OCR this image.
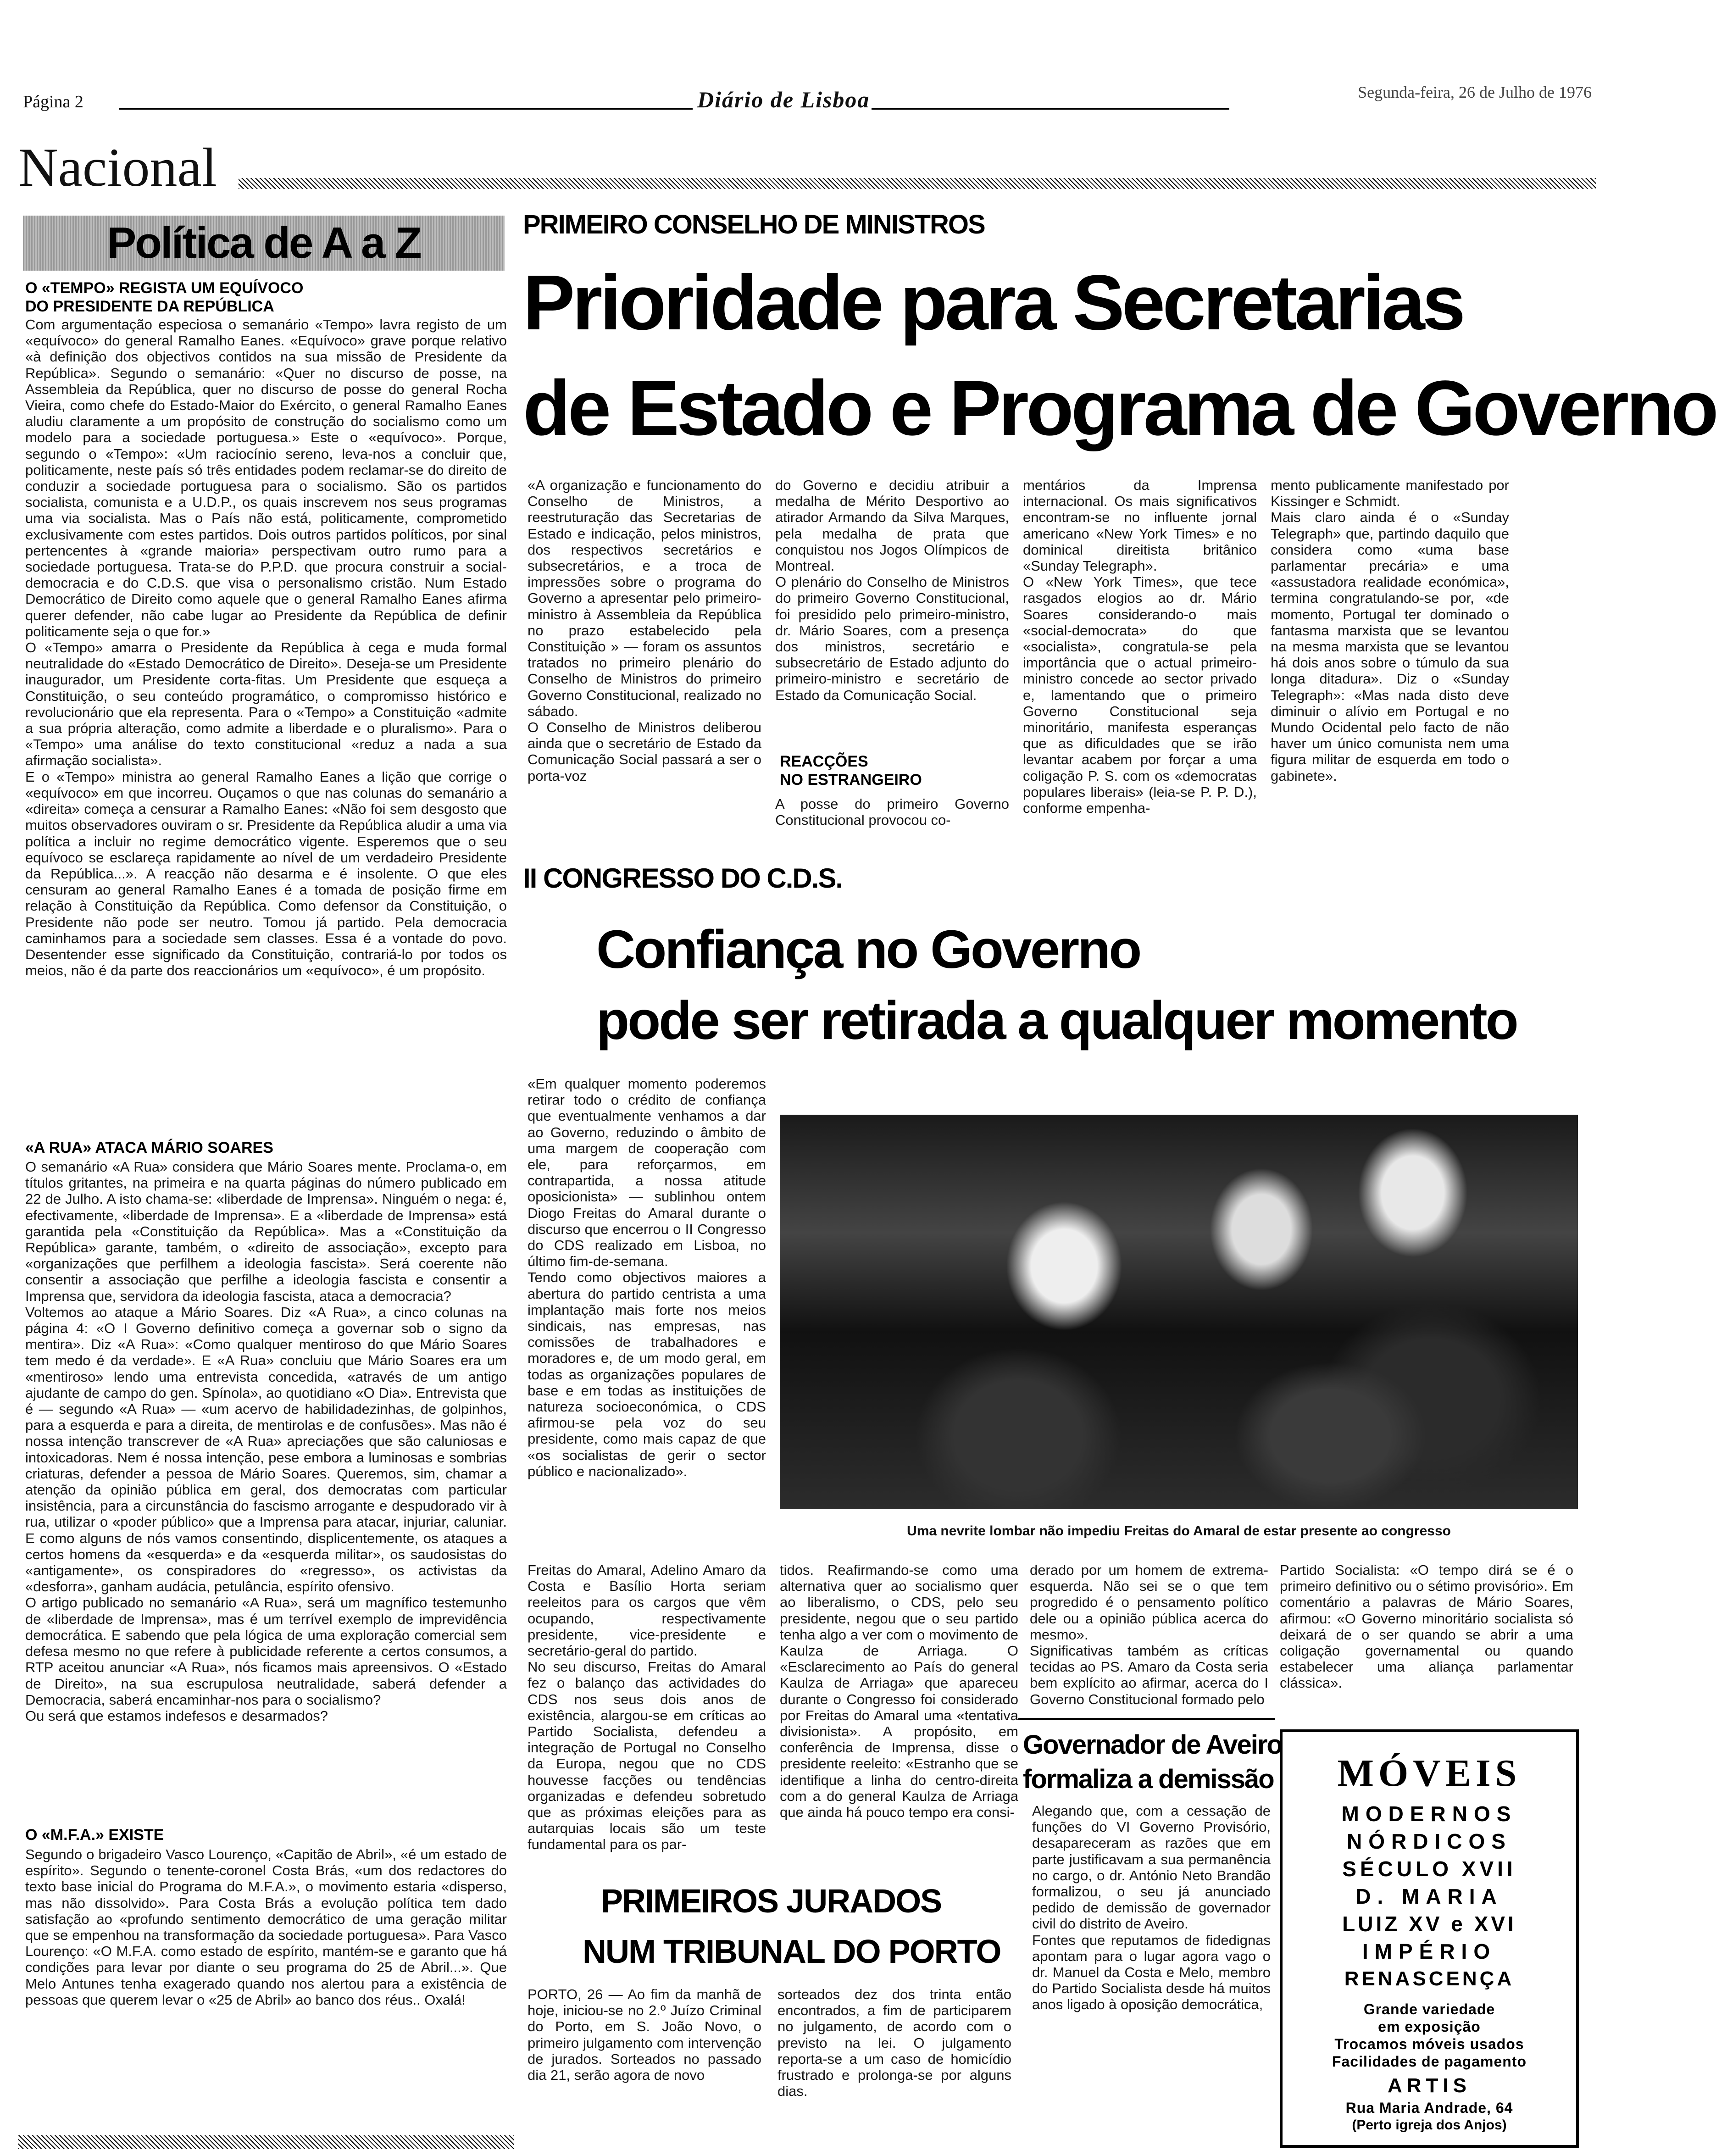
Página 2	Diário de Lisboa	Segunda-feira, 26 de Julho de 1976
Nacional
Política de A a Z
O «TEMPO» REGISTA UM EQUÍVOCO
DO PRESIDENTE DA REPÚBLICA
Com argumentação especiosa o semanário «Tempo» lavra registo de um «equívoco» do general Ramalho Eanes. «Equívoco» grave porque relativo «à definição dos objectivos contidos na sua missão de Presidente da República». Segundo o semanário: «Quer no discurso de posse, na Assembleia da República, quer no discurso de posse do general Rocha Vieira, como chefe do Estado-Maior do Exército, o general Ramalho Eanes aludiu claramente a um propósito de construção do socialismo como um modelo para a sociedade portuguesa.» Este o «equívoco». Porque, segundo o «Tempo»: «Um raciocínio sereno, leva-nos a concluir que, politicamente, neste país só três entidades podem reclamar-se do direito de conduzir a sociedade portuguesa para o socialismo. São os partidos socialista, comunista e a U.D.P., os quais inscrevem nos seus programas uma via socialista. Mas o País não está, politicamente, comprometido exclusivamente com estes partidos. Dois outros partidos políticos, por sinal pertencentes à «grande maioria» perspectivam outro rumo para a sociedade portuguesa. Trata-se do P.P.D. que procura construir a social-democracia e do C.D.S. que visa o personalismo cristão. Num Estado Democrático de Direito como aquele que o general Ramalho Eanes afirma querer defender, não cabe lugar ao Presidente da República de definir politicamente seja o que for.»
O «Tempo» amarra o Presidente da República à cega e muda formal neutralidade do «Estado Democrático de Direito». Deseja-se um Presidente inaugurador, um Presidente corta-fitas. Um Presidente que esqueça a Constituição, o seu conteúdo programático, o compromisso histórico e revolucionário que ela representa. Para o «Tempo» a Constituição «admite a sua própria alteração, como admite a liberdade e o pluralismo». Para o «Tempo» uma análise do texto constitucional «reduz a nada a sua afirmação socialista».
E o «Tempo» ministra ao general Ramalho Eanes a lição que corrige o «equívoco» em que incorreu. Ouçamos o que nas colunas do semanário a «direita» começa a censurar a Ramalho Eanes: «Não foi sem desgosto que muitos observadores ouviram o sr. Presidente da República aludir a uma via política a incluir no regime democrático vigente. Esperemos que o seu equívoco se esclareça rapidamente ao nível de um verdadeiro Presidente da República...». A reacção não desarma e é insolente. O que eles censuram ao general Ramalho Eanes é a tomada de posição firme em relação à Constituição da República. Como defensor da Constituição, o Presidente não pode ser neutro. Tomou já partido. Pela democracia caminhamos para a sociedade sem classes. Essa é a vontade do povo. Desentender esse significado da Constituição, contrariá-lo por todos os meios, não é da parte dos reaccionários um «equívoco», é um propósito.
«A RUA» ATACA MÁRIO SOARES
O semanário «A Rua» considera que Mário Soares mente. Proclama-o, em títulos gritantes, na primeira e na quarta páginas do número publicado em 22 de Julho. A isto chama-se: «liberdade de Imprensa». Ninguém o nega: é, efectivamente, «liberdade de Imprensa». E a «liberdade de Imprensa» está garantida pela «Constituição da República». Mas a «Constituição da República» garante, também, o «direito de associação», excepto para «organizações que perfilhem a ideologia fascista». Será coerente não consentir a associação que perfilhe a ideologia fascista e consentir a Imprensa que, servidora da ideologia fascista, ataca a democracia?
Voltemos ao ataque a Mário Soares. Diz «A Rua», a cinco colunas na página 4: «O I Governo definitivo começa a governar sob o signo da mentira». Diz «A Rua»: «Como qualquer mentiroso do que Mário Soares tem medo é da verdade». E «A Rua» concluiu que Mário Soares era um «mentiroso» lendo uma entrevista concedida, «através de um antigo ajudante de campo do gen. Spínola», ao quotidiano «O Dia». Entrevista que é — segundo «A Rua» — «um acervo de habilidadezinhas, de golpinhos, para a esquerda e para a direita, de mentirolas e de confusões». Mas não é nossa intenção transcrever de «A Rua» apreciações que são caluniosas e intoxicadoras. Nem é nossa intenção, pese embora a luminosas e sombrias criaturas, defender a pessoa de Mário Soares. Queremos, sim, chamar a atenção da opinião pública em geral, dos democratas com particular insistência, para a circunstância do fascismo arrogante e despudorado vir à rua, utilizar o «poder público» que a Imprensa para atacar, injuriar, caluniar. E como alguns de nós vamos consentindo, displicentemente, os ataques a certos homens da «esquerda» e da «esquerda militar», os saudosistas do «antigamente», os conspiradores do «regresso», os activistas da «desforra», ganham audácia, petulância, espírito ofensivo.
O artigo publicado no semanário «A Rua», será um magnífico testemunho de «liberdade de Imprensa», mas é um terrível exemplo de imprevidência democrática. E sabendo que pela lógica de uma exploração comercial sem defesa mesmo no que refere à publicidade referente a certos consumos, a RTP aceitou anunciar «A Rua», nós ficamos mais apreensivos. O «Estado de Direito», na sua escrupulosa neutralidade, saberá defender a Democracia, saberá encaminhar-nos para o socialismo?
Ou será que estamos indefesos e desarmados?
O «M.F.A.» EXISTE
Segundo o brigadeiro Vasco Lourenço, «Capitão de Abril», «é um estado de espírito». Segundo o tenente-coronel Costa Brás, «um dos redactores do texto base inicial do Programa do M.F.A.», o movimento estaria «disperso, mas não dissolvido». Para Costa Brás a evolução política tem dado satisfação ao «profundo sentimento democrático de uma geração militar que se empenhou na transformação da sociedade portuguesa». Para Vasco Lourenço: «O M.F.A. como estado de espírito, mantém-se e garanto que há condições para levar por diante o seu programa do 25 de Abril...». Que Melo Antunes tenha exagerado quando nos alertou para a existência de pessoas que querem levar o «25 de Abril» ao banco dos réus.. Oxalá!
PRIMEIRO CONSELHO DE MINISTROS
Prioridade para Secretarias
de Estado e Programa de Governo
«A organização e funcionamento do Conselho de Ministros, a reestruturação das Secretarias de Estado e indicação, pelos ministros, dos respectivos secretários e subsecretários, e a troca de impressões sobre o programa do Governo a apresentar pelo primeiro-ministro à Assembleia da República no prazo estabelecido pela Constituição » — foram os assuntos tratados no primeiro plenário do Conselho de Ministros do primeiro Governo Constitucional, realizado no sábado.
O Conselho de Ministros deliberou ainda que o secretário de Estado da Comunicação Social passará a ser o porta-voz
do Governo e decidiu atribuir a medalha de Mérito Desportivo ao atirador Armando da Silva Marques, pela medalha de prata que conquistou nos Jogos Olímpicos de Montreal.
O plenário do Conselho de Ministros do primeiro Governo Constitucional, foi presidido pelo primeiro-ministro, dr. Mário Soares, com a presença dos ministros, secretário e subsecretário de Estado adjunto do primeiro-ministro e secretário de Estado da Comunicação Social.
REACÇÕES
NO ESTRANGEIRO
A posse do primeiro Governo Constitucional provocou co-
mentários da Imprensa internacional. Os mais significativos encontram-se no influente jornal americano «New York Times» e no dominical direitista britânico «Sunday Telegraph».
O «New York Times», que tece rasgados elogios ao dr. Mário Soares considerando-o mais «social-democrata» do que «socialista», congratula-se pela importância que o actual primeiro-ministro concede ao sector privado e, lamentando que o primeiro Governo Constitucional seja minoritário, manifesta esperanças que as dificuldades que se irão levantar acabem por forçar a uma coligação P. S. com os «democratas populares liberais» (leia-se P. P. D.), conforme empenha-
mento publicamente manifestado por Kissinger e Schmidt.
Mais claro ainda é o «Sunday Telegraph» que, partindo daquilo que considera como «uma base parlamentar precária» e uma «assustadora realidade económica», termina congratulando-se por, «de momento, Portugal ter dominado o fantasma marxista que se levantou na mesma marxista que se levantou há dois anos sobre o túmulo da sua longa ditadura». Diz o «Sunday Telegraph»: «Mas nada disto deve diminuir o alívio em Portugal e no Mundo Ocidental pelo facto de não haver um único comunista nem uma figura militar de esquerda em todo o gabinete».
II CONGRESSO DO C.D.S.
Confiança no Governo
pode ser retirada a qualquer momento
«Em qualquer momento poderemos retirar todo o crédito de confiança que eventualmente venhamos a dar ao Governo, reduzindo o âmbito de uma margem de cooperação com ele, para reforçarmos, em contrapartida, a nossa atitude oposicionista» — sublinhou ontem Diogo Freitas do Amaral durante o discurso que encerrou o II Congresso do CDS realizado em Lisboa, no último fim-de-semana.
Tendo como objectivos maiores a abertura do partido centrista a uma implantação mais forte nos meios sindicais, nas empresas, nas comissões de trabalhadores e moradores e, de um modo geral, em todas as organizações populares de base e em todas as instituições de natureza socioeconómica, o CDS afirmou-se pela voz do seu presidente, como mais capaz de que «os socialistas de gerir o sector público e nacionalizado».
Uma nevrite lombar não impediu Freitas do Amaral de estar presente ao congresso
Freitas do Amaral, Adelino Amaro da Costa e Basílio Horta seriam reeleitos para os cargos que vêm ocupando, respectivamente presidente, vice-presidente e secretário-geral do partido.
No seu discurso, Freitas do Amaral fez o balanço das actividades do CDS nos seus dois anos de existência, alargou-se em críticas ao Partido Socialista, defendeu a integração de Portugal no Conselho da Europa, negou que no CDS houvesse facções ou tendências organizadas e defendeu sobretudo que as próximas eleições para as autarquias locais são um teste fundamental para os par-
tidos. Reafirmando-se como uma alternativa quer ao socialismo quer ao liberalismo, o CDS, pelo seu presidente, negou que o seu partido tenha algo a ver com o movimento de Kaulza de Arriaga. O «Esclarecimento ao País do general Kaulza de Arriaga» que apareceu durante o Congresso foi considerado por Freitas do Amaral uma «tentativa divisionista». A propósito, em conferência de Imprensa, disse o presidente reeleito: «Estranho que se identifique a linha do centro-direita com a do general Kaulza de Arriaga que ainda há pouco tempo era consi-
derado por um homem de extrema-esquerda. Não sei se o que tem progredido é o pensamento político dele ou a opinião pública acerca do mesmo».
Significativas também as críticas tecidas ao PS. Amaro da Costa seria bem explícito ao afirmar, acerca do I Governo Constitucional formado pelo
Partido Socialista: «O tempo dirá se é o primeiro definitivo ou o sétimo provisório». Em comentário a palavras de Mário Soares, afirmou: «O Governo minoritário socialista só deixará de o ser quando se abrir a uma coligação governamental ou quando estabelecer uma aliança parlamentar clássica».
Governador de Aveiro
formaliza a demissão
Alegando que, com a cessação de funções do VI Governo Provisório, desapareceram as razões que em parte justificavam a sua permanência no cargo, o dr. António Neto Brandão formalizou, o seu já anunciado pedido de demissão de governador civil do distrito de Aveiro.
Fontes que reputamos de fidedignas apontam para o lugar agora vago o dr. Manuel da Costa e Melo, membro do Partido Socialista desde há muitos anos ligado à oposição democrática,
PRIMEIROS JURADOS
NUM TRIBUNAL DO PORTO
PORTO, 26 — Ao fim da manhã de hoje, iniciou-se no 2.º Juízo Criminal do Porto, em S. João Novo, o primeiro julgamento com intervenção de jurados. Sorteados no passado dia 21, serão agora de novo
sorteados dez dos trinta então encontrados, a fim de participarem no julgamento, de acordo com o previsto na lei. O julgamento reporta-se a um caso de homicídio frustrado e prolonga-se por alguns dias.
MÓVEIS
MODERNOS
NÓRDICOS
SÉCULO XVII
D. MARIA
LUIZ XV e XVI
IMPÉRIO
RENASCENÇA
Grande variedade
em exposição
Trocamos móveis usados
Facilidades de pagamento
ARTIS
Rua Maria Andrade, 64
(Perto igreja dos Anjos)
